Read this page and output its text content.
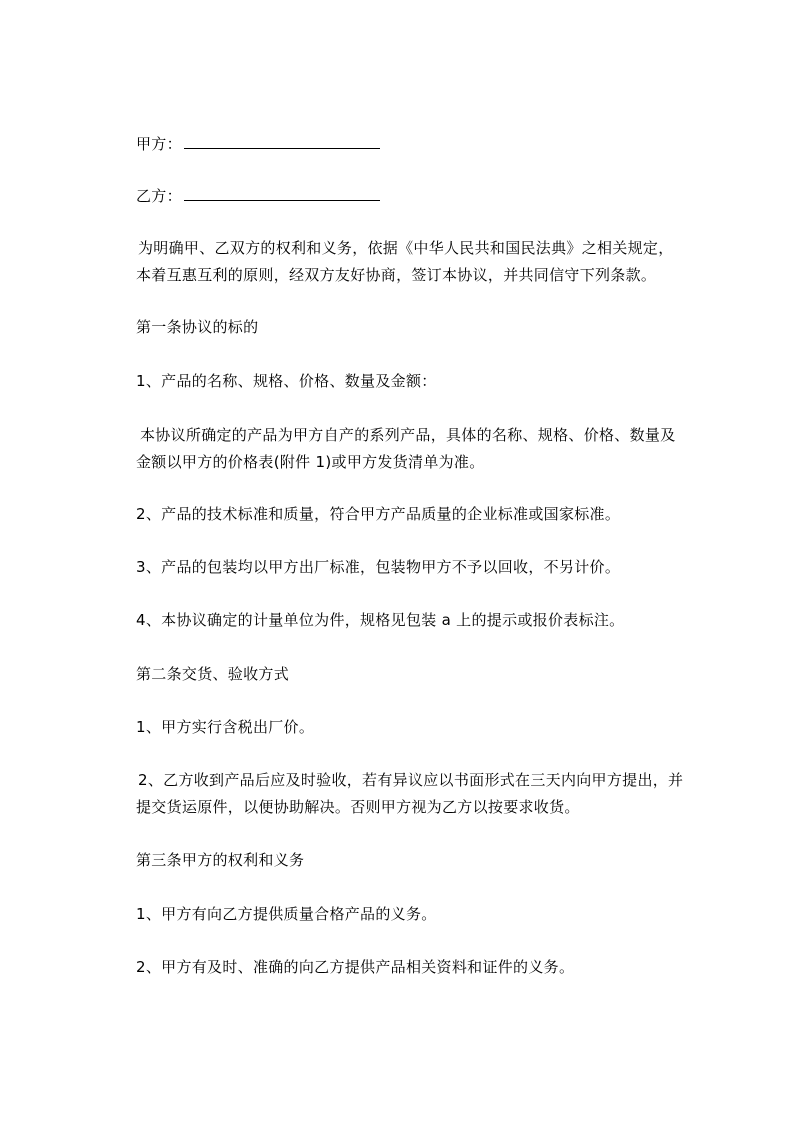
甲方：
乙方：
为明确甲、乙双方的权利和义务，依据《中华人民共和国民法典》之相关规定，
本着互惠互利的原则，经双方友好协商，签订本协议，并共同信守下列条款。
第一条协议的标的
1、产品的名称、规格、价格、数量及金额：
本协议所确定的产品为甲方自产的系列产品，具体的名称、规格、价格、数量及
金额以甲方的价格表(附件 1)或甲方发货清单为准。
2、产品的技术标准和质量，符合甲方产品质量的企业标准或国家标准。
3、产品的包装均以甲方出厂标准，包装物甲方不予以回收，不另计价。
4、本协议确定的计量单位为件，规格见包装 a 上的提示或报价表标注。
第二条交货、验收方式
1、甲方实行含税出厂价。
2、乙方收到产品后应及时验收，若有异议应以书面形式在三天内向甲方提出，并
提交货运原件，以便协助解决。否则甲方视为乙方以按要求收货。
第三条甲方的权利和义务
1、甲方有向乙方提供质量合格产品的义务。
2、甲方有及时、准确的向乙方提供产品相关资料和证件的义务。
